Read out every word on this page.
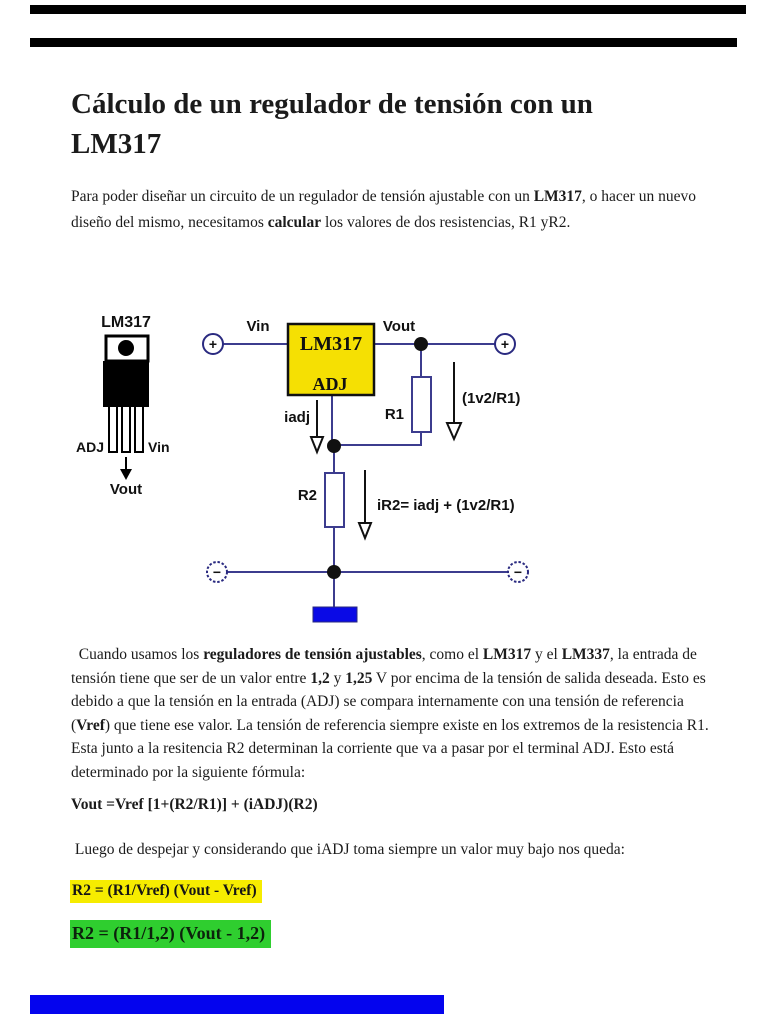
Cálculo de un regulador de tensión con un
LM317
Para poder diseñar un circuito de un regulador de tensión ajustable con un LM317, o hacer un nuevo
diseño del mismo, necesitamos calcular los valores de dos resistencias, R1 yR2.
LM317
ADJ	Vin
Vout
+
Vin
LM317
ADJ
Vout
+
R1
(1v2/R1)
iadj
R2
iR2= iadj + (1v2/R1)
−	−
Cuando usamos los reguladores de tensión ajustables, como el LM317 y el LM337, la entrada de
tensión tiene que ser de un valor entre 1,2 y 1,25 V por encima de la tensión de salida deseada. Esto es
debido a que la tensión en la entrada (ADJ) se compara internamente con una tensión de referencia
(Vref) que tiene ese valor. La tensión de referencia siempre existe en los extremos de la resistencia R1.
Esta junto a la resitencia R2 determinan la corriente que va a pasar por el terminal ADJ. Esto está
determinado por la siguiente fórmula:
Vout =Vref [1+(R2/R1)] + (iADJ)(R2)
Luego de despejar y considerando que iADJ toma siempre un valor muy bajo nos queda:
R2 = (R1/Vref) (Vout - Vref)
R2 = (R1/1,2) (Vout - 1,2)
